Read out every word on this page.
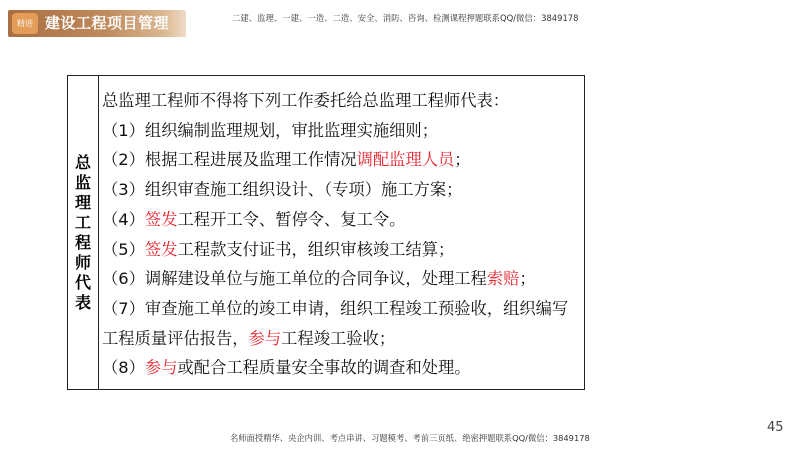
精进 建设工程项目管理	二建、监理、一建、一造、二造、安全、消防、咨询、检测课程押题联系QQ/微信：3849178
总监理工程师代表
总监理工程师不得将下列工作委托给总监理工程师代表：
（1）组织编制监理规划，审批监理实施细则；
（2）根据工程进展及监理工作情况调配监理人员；
（3）组织审查施工组织设计、（专项）施工方案；
（4）签发工程开工令、暂停令、复工令。
（5）签发工程款支付证书，组织审核竣工结算；
（6）调解建设单位与施工单位的合同争议，处理工程索赔；
（7）审查施工单位的竣工申请，组织工程竣工预验收，组织编写
工程质量评估报告，参与工程竣工验收；
（8）参与或配合工程质量安全事故的调查和处理。
45
名师面授精华、央企内训、考点串讲、习题模考、考前三页纸、绝密押题联系QQ/微信：3849178
